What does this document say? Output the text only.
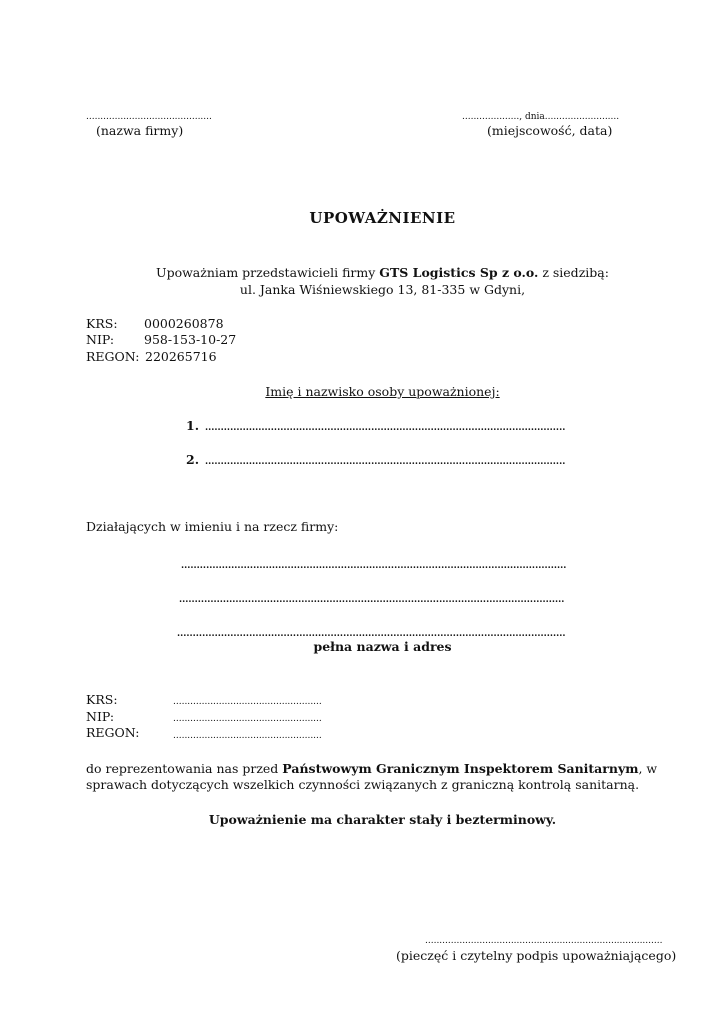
............................................
(nazwa firmy)
...................., dnia..........................
(miejscowość, data)
UPOWAŻNIENIE
Upoważniam przedstawicieli firmy GTS Logistics Sp z o.o. z siedzibą:
ul. Janka Wiśniewskiego 13, 81-335 w Gdyni,
KRS: 0000260878
NIP: 958-153-10-27
REGON: 220265716
Imię i nazwisko osoby upoważnionej:
1. ...................................................................................................................
2. ...................................................................................................................
Działających w imieniu i na rzecz firmy:
...........................................................................................................................
...........................................................................................................................
............................................................................................................................
pełna nazwa i adres
KRS:	....................................................
NIP:	....................................................
REGON:	....................................................
do reprezentowania nas przed Państwowym Granicznym Inspektorem Sanitarnym, w
sprawach dotyczących wszelkich czynności związanych z graniczną kontrolą sanitarną.
Upoważnienie ma charakter stały i bezterminowy.
...................................................................................
(pieczęć i czytelny podpis upoważniającego)
